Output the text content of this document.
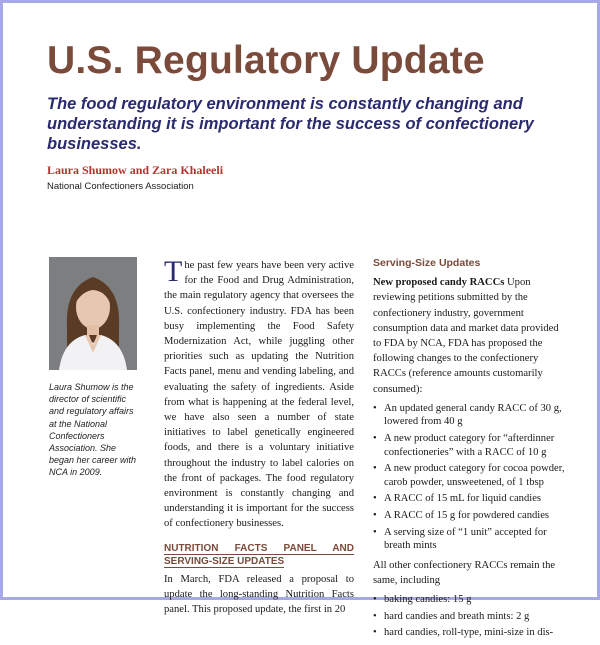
U.S. Regulatory Update
The food regulatory environment is constantly changing and understanding it is important for the success of confectionery businesses.
Laura Shumow and Zara Khaleeli
National Confectioners Association
Laura Shumow is the director of scientific and regulatory affairs at the National Confectioners Association. She began her career with NCA in 2009.

The past few years have been very active for the Food and Drug Administration, the main regulatory agency that oversees the U.S. confectionery industry. FDA has been busy implementing the Food Safety Modernization Act, while juggling other priorities such as updating the Nutrition Facts panel, menu and vending labeling, and evaluating the safety of ingredients. Aside from what is happening at the federal level, we have also seen a number of state initiatives to label genetically engineered foods, and there is a voluntary initiative throughout the industry to label calories on the front of packages. The food regulatory environment is constantly changing and understanding it is important for the success of confectionery businesses.

NUTRITION FACTS PANEL AND SERVING-SIZE UPDATES

In March, FDA released a proposal to update the long-standing Nutrition Facts panel. This proposed update, the first in 20

Serving-Size Updates

New proposed candy RACCs Upon reviewing petitions submitted by the confectionery industry, government consumption data and market data provided to FDA by NCA, FDA has proposed the following changes to the confectionery RACCs (reference amounts customarily consumed):

• An updated general candy RACC of 30 g, lowered from 40 g
• A new product category for “afterdinner confectioneries” with a RACC of 10 g
• A new product category for cocoa powder, carob powder, unsweetened, of 1 tbsp
• A RACC of 15 mL for liquid candies
• A RACC of 15 g for powdered candies
• A serving size of “1 unit” accepted for breath mints

All other confectionery RACCs remain the same, including

• baking candies: 15 g
• hard candies and breath mints: 2 g
• hard candies, roll-type, mini-size in dis-
